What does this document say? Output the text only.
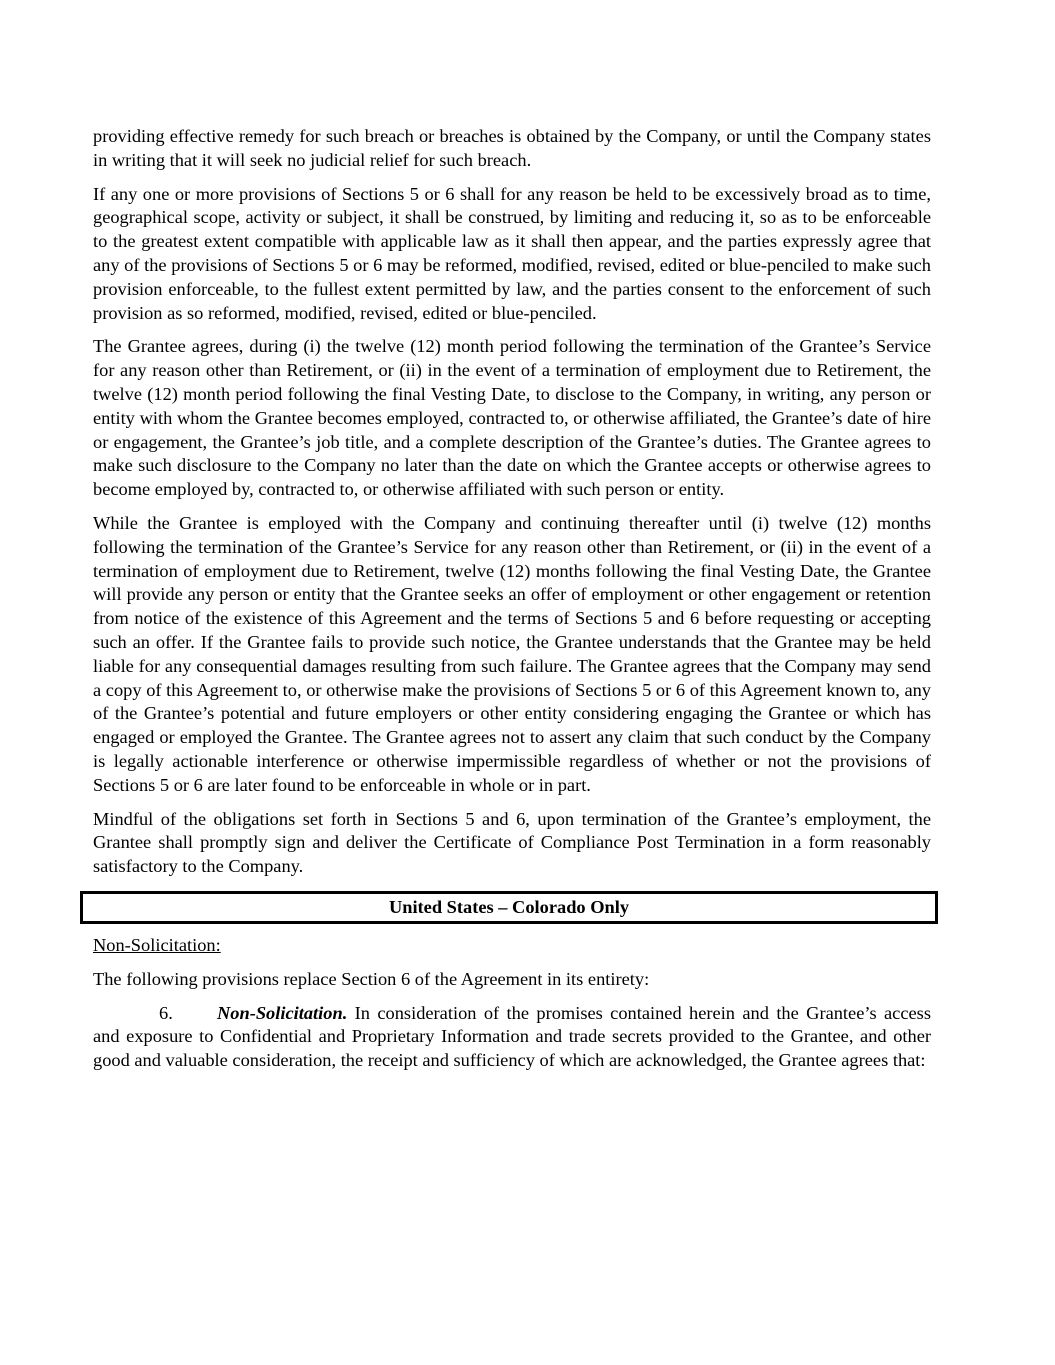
providing effective remedy for such breach or breaches is obtained by the Company, or until the Company states in writing that it will seek no judicial relief for such breach.

If any one or more provisions of Sections 5 or 6 shall for any reason be held to be excessively broad as to time, geographical scope, activity or subject, it shall be construed, by limiting and reducing it, so as to be enforceable to the greatest extent compatible with applicable law as it shall then appear, and the parties expressly agree that any of the provisions of Sections 5 or 6 may be reformed, modified, revised, edited or blue-penciled to make such provision enforceable, to the fullest extent permitted by law, and the parties consent to the enforcement of such provision as so reformed, modified, revised, edited or blue-penciled.

The Grantee agrees, during (i) the twelve (12) month period following the termination of the Grantee’s Service for any reason other than Retirement, or (ii) in the event of a termination of employment due to Retirement, the twelve (12) month period following the final Vesting Date, to disclose to the Company, in writing, any person or entity with whom the Grantee becomes employed, contracted to, or otherwise affiliated, the Grantee’s date of hire or engagement, the Grantee’s job title, and a complete description of the Grantee’s duties. The Grantee agrees to make such disclosure to the Company no later than the date on which the Grantee accepts or otherwise agrees to become employed by, contracted to, or otherwise affiliated with such person or entity.

While the Grantee is employed with the Company and continuing thereafter until (i) twelve (12) months following the termination of the Grantee’s Service for any reason other than Retirement, or (ii) in the event of a termination of employment due to Retirement, twelve (12) months following the final Vesting Date, the Grantee will provide any person or entity that the Grantee seeks an offer of employment or other engagement or retention from notice of the existence of this Agreement and the terms of Sections 5 and 6 before requesting or accepting such an offer. If the Grantee fails to provide such notice, the Grantee understands that the Grantee may be held liable for any consequential damages resulting from such failure. The Grantee agrees that the Company may send a copy of this Agreement to, or otherwise make the provisions of Sections 5 or 6 of this Agreement known to, any of the Grantee’s potential and future employers or other entity considering engaging the Grantee or which has engaged or employed the Grantee. The Grantee agrees not to assert any claim that such conduct by the Company is legally actionable interference or otherwise impermissible regardless of whether or not the provisions of Sections 5 or 6 are later found to be enforceable in whole or in part.

Mindful of the obligations set forth in Sections 5 and 6, upon termination of the Grantee’s employment, the Grantee shall promptly sign and deliver the Certificate of Compliance Post Termination in a form reasonably satisfactory to the Company.

United States – Colorado Only

Non-Solicitation:

The following provisions replace Section 6 of the Agreement in its entirety:

6. Non-Solicitation. In consideration of the promises contained herein and the Grantee’s access and exposure to Confidential and Proprietary Information and trade secrets provided to the Grantee, and other good and valuable consideration, the receipt and sufficiency of which are acknowledged, the Grantee agrees that:
